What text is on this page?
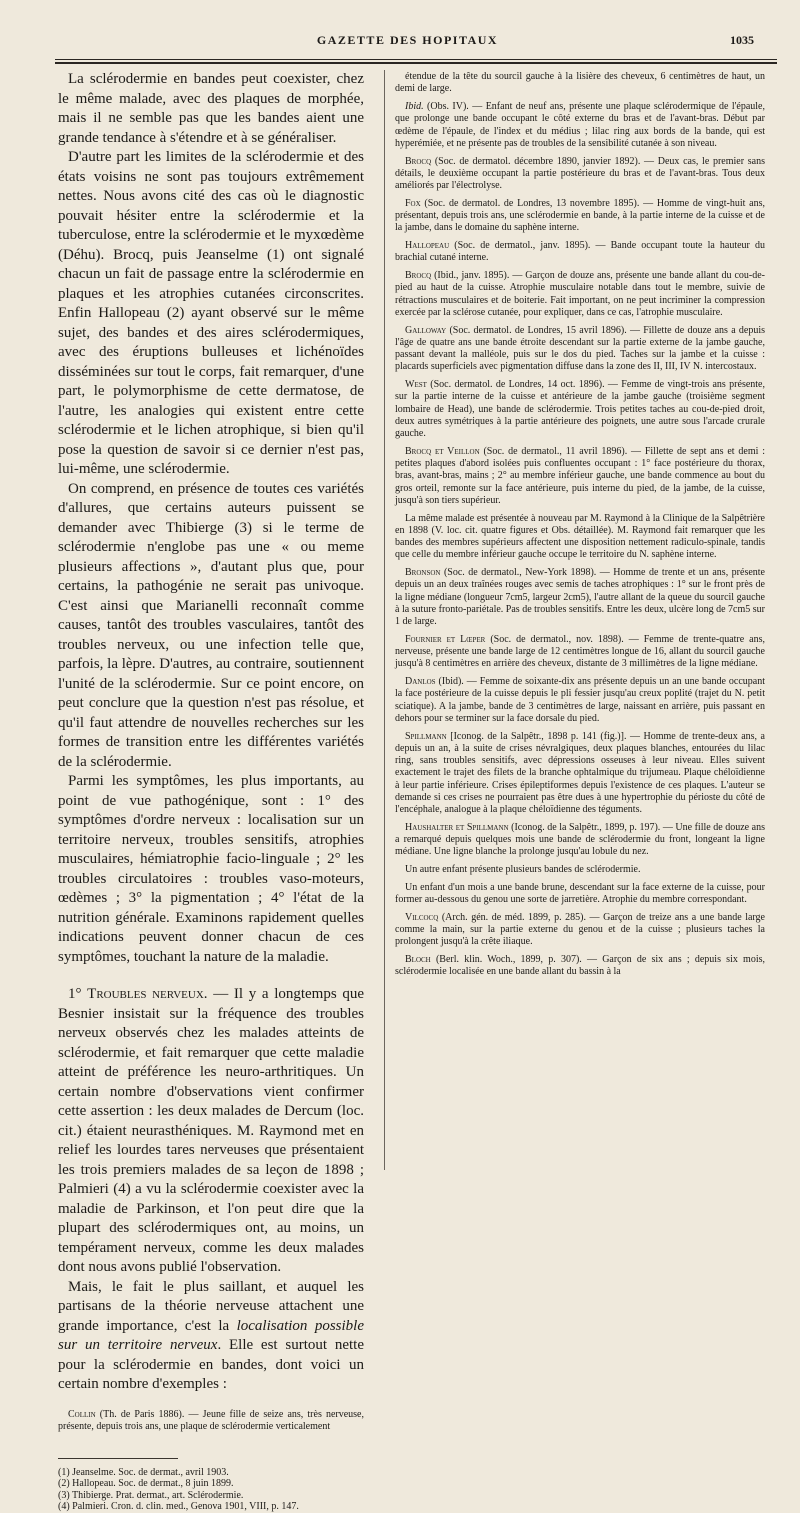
GAZETTE DES HOPITAUX	1035

La sclérodermie en bandes peut coexister, chez le même malade, avec des plaques de morphée, mais il ne semble pas que les bandes aient une grande tendance à s'étendre et à se généraliser.

D'autre part les limites de la sclérodermie et des états voisins ne sont pas toujours extrêmement nettes. Nous avons cité des cas où le diagnostic pouvait hésiter entre la sclérodermie et la tuberculose, entre la sclérodermie et le myxœdème (Déhu). Brocq, puis Jeanselme (1) ont signalé chacun un fait de passage entre la sclérodermie en plaques et les atrophies cutanées circonscrites. Enfin Hallopeau (2) ayant observé sur le même sujet, des bandes et des aires sclérodermiques, avec des éruptions bulleuses et lichénoïdes disséminées sur tout le corps, fait remarquer, d'une part, le polymorphisme de cette dermatose, de l'autre, les analogies qui existent entre cette sclérodermie et le lichen atrophique, si bien qu'il pose la question de savoir si ce dernier n'est pas, lui-même, une sclérodermie.

On comprend, en présence de toutes ces variétés d'allures, que certains auteurs puissent se demander avec Thibierge (3) si le terme de sclérodermie n'englobe pas une « ou meme plusieurs affections », d'autant plus que, pour certains, la pathogénie ne serait pas univoque. C'est ainsi que Marianelli reconnaît comme causes, tantôt des troubles vasculaires, tantôt des troubles nerveux, ou une infection telle que, parfois, la lèpre. D'autres, au contraire, soutiennent l'unité de la sclérodermie. Sur ce point encore, on peut conclure que la question n'est pas résolue, et qu'il faut attendre de nouvelles recherches sur les formes de transition entre les différentes variétés de la sclérodermie.

Parmi les symptômes, les plus importants, au point de vue pathogénique, sont : 1° des symptômes d'ordre nerveux : localisation sur un territoire nerveux, troubles sensitifs, atrophies musculaires, hémiatrophie facio-linguale ; 2° les troubles circulatoires : troubles vaso-moteurs, œdèmes ; 3° la pigmentation ; 4° l'état de la nutrition générale. Examinons rapidement quelles indications peuvent donner chacun de ces symptômes, touchant la nature de la maladie.

1° Troubles nerveux. — Il y a longtemps que Besnier insistait sur la fréquence des troubles nerveux observés chez les malades atteints de sclérodermie, et fait remarquer que cette maladie atteint de préférence les neuro-arthritiques. Un certain nombre d'observations vient confirmer cette assertion : les deux malades de Dercum (loc. cit.) étaient neurasthéniques. M. Raymond met en relief les lourdes tares nerveuses que présentaient les trois premiers malades de sa leçon de 1898 ; Palmieri (4) a vu la sclérodermie coexister avec la maladie de Parkinson, et l'on peut dire que la plupart des sclérodermiques ont, au moins, un tempérament nerveux, comme les deux malades dont nous avons publié l'observation.

Mais, le fait le plus saillant, et auquel les partisans de la théorie nerveuse attachent une grande importance, c'est la localisation possible sur un territoire nerveux. Elle est surtout nette pour la sclérodermie en bandes, dont voici un certain nombre d'exemples :

Collin (Th. de Paris 1886). — Jeune fille de seize ans, très nerveuse, présente, depuis trois ans, une plaque de sclérodermie verticalement

(1) Jeanselme. Soc. de dermat., avril 1903.
(2) Hallopeau. Soc. de dermat., 8 juin 1899.
(3) Thibierge. Prat. dermat., art. Sclérodermie.
(4) Palmieri. Cron. d. clin. med., Genova 1901, VIII, p. 147.

étendue de la tête du sourcil gauche à la lisière des cheveux, 6 centimètres de haut, un demi de large.

Ibid. (Obs. IV). — Enfant de neuf ans, présente une plaque sclérodermique de l'épaule, que prolonge une bande occupant le côté externe du bras et de l'avant-bras. Début par œdème de l'épaule, de l'index et du médius ; lilac ring aux bords de la bande, qui est hyperémiée, et ne présente pas de troubles de la sensibilité cutanée à son niveau.

Brocq (Soc. de dermatol. décembre 1890, janvier 1892). — Deux cas, le premier sans détails, le deuxième occupant la partie postérieure du bras et de l'avant-bras. Tous deux améliorés par l'électrolyse.

Fox (Soc. de dermatol. de Londres, 13 novembre 1895). — Homme de vingt-huit ans, présentant, depuis trois ans, une sclérodermie en bande, à la partie interne de la cuisse et de la jambe, dans le domaine du saphène interne.

Hallopeau (Soc. de dermatol., janv. 1895). — Bande occupant toute la hauteur du brachial cutané interne.

Brocq (Ibid., janv. 1895). — Garçon de douze ans, présente une bande allant du cou-de-pied au haut de la cuisse. Atrophie musculaire notable dans tout le membre, suivie de rétractions musculaires et de boiterie. Fait important, on ne peut incriminer la compression exercée par la sclérose cutanée, pour expliquer, dans ce cas, l'atrophie musculaire.

Galloway (Soc. dermatol. de Londres, 15 avril 1896). — Fillette de douze ans a depuis l'âge de quatre ans une bande étroite descendant sur la partie externe de la jambe gauche, passant devant la malléole, puis sur le dos du pied. Taches sur la jambe et la cuisse : placards superficiels avec pigmentation diffuse dans la zone des II, III, IV N. intercostaux.

West (Soc. dermatol. de Londres, 14 oct. 1896). — Femme de vingt-trois ans présente, sur la partie interne de la cuisse et antérieure de la jambe gauche (troisième segment lombaire de Head), une bande de sclérodermie. Trois petites taches au cou-de-pied droit, deux autres symétriques à la partie antérieure des poignets, une autre sous l'arcade crurale gauche.

Brocq et Veillon (Soc. de dermatol., 11 avril 1896). — Fillette de sept ans et demi : petites plaques d'abord isolées puis confluentes occupant : 1° face postérieure du thorax, bras, avant-bras, mains ; 2° au membre inférieur gauche, une bande commence au bout du gros orteil, remonte sur la face antérieure, puis interne du pied, de la jambe, de la cuisse, jusqu'à son tiers supérieur.

La même malade est présentée à nouveau par M. Raymond à la Clinique de la Salpêtrière en 1898 (V. loc. cit. quatre figures et Obs. détaillée). M. Raymond fait remarquer que les bandes des membres supérieurs affectent une disposition nettement radiculo-spinale, tandis que celle du membre inférieur gauche occupe le territoire du N. saphène interne.

Bronson (Soc. de dermatol., New-York 1898). — Homme de trente et un ans, présente depuis un an deux traînées rouges avec semis de taches atrophiques : 1° sur le front près de la ligne médiane (longueur 7cm5, largeur 2cm5), l'autre allant de la queue du sourcil gauche à la suture fronto-pariétale. Pas de troubles sensitifs. Entre les deux, ulcère long de 7cm5 sur 1 de large.

Fournier et Lœper (Soc. de dermatol., nov. 1898). — Femme de trente-quatre ans, nerveuse, présente une bande large de 12 centimètres longue de 16, allant du sourcil gauche jusqu'à 8 centimètres en arrière des cheveux, distante de 3 millimètres de la ligne médiane.

Danlos (Ibid). — Femme de soixante-dix ans présente depuis un an une bande occupant la face postérieure de la cuisse depuis le pli fessier jusqu'au creux poplité (trajet du N. petit sciatique). A la jambe, bande de 3 centimètres de large, naissant en arrière, puis passant en dehors pour se terminer sur la face dorsale du pied.

Spillmann [Iconog. de la Salpêtr., 1898 p. 141 (fig.)]. — Homme de trente-deux ans, a depuis un an, à la suite de crises névralgiques, deux plaques blanches, entourées du lilac ring, sans troubles sensitifs, avec dépressions osseuses à leur niveau. Elles suivent exactement le trajet des filets de la branche ophtalmique du trijumeau. Plaque chéloïdienne à leur partie inférieure. Crises épileptiformes depuis l'existence de ces plaques. L'auteur se demande si ces crises ne pourraient pas être dues à une hypertrophie du périoste du côté de l'encéphale, analogue à la plaque chéloïdienne des téguments.

Haushalter et Spillmann (Iconog. de la Salpêtr., 1899, p. 197). — Une fille de douze ans a remarqué depuis quelques mois une bande de sclérodermie du front, longeant la ligne médiane. Une ligne blanche la prolonge jusqu'au lobule du nez.

Un autre enfant présente plusieurs bandes de sclérodermie.

Un enfant d'un mois a une bande brune, descendant sur la face externe de la cuisse, pour former au-dessous du genou une sorte de jarretière. Atrophie du membre correspondant.

Vilcocq (Arch. gén. de méd. 1899, p. 285). — Garçon de treize ans a une bande large comme la main, sur la partie externe du genou et de la cuisse ; plusieurs taches la prolongent jusqu'à la crête iliaque.

Bloch (Berl. klin. Woch., 1899, p. 307). — Garçon de six ans ; depuis six mois, sclérodermie localisée en une bande allant du bassin à la
